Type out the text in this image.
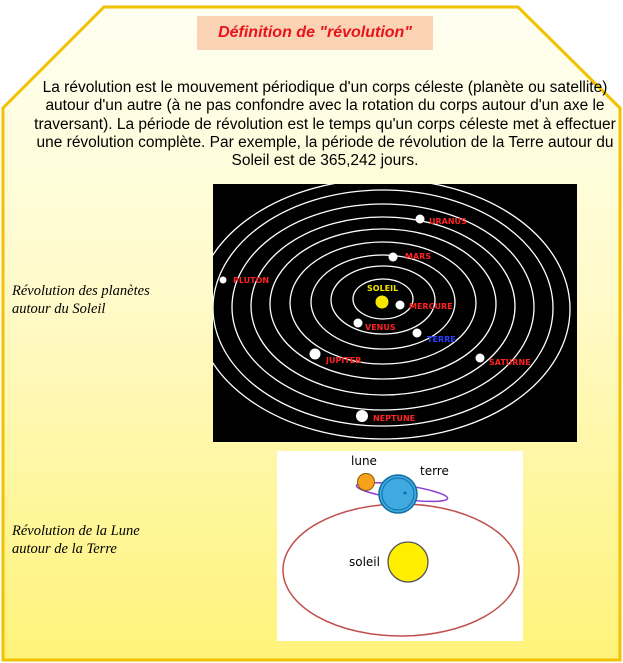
Définition de "révolution"
La révolution est le mouvement périodique d'un corps céleste (planète ou satellite) autour d'un autre (à ne pas confondre avec la rotation du corps autour d'un axe le traversant). La période de révolution est le temps qu'un corps céleste met à effectuer une révolution complète. Par exemple, la période de révolution de la Terre autour du Soleil est de 365,242 jours.
Révolution des planètes
autour du Soleil
Révolution de la Lune
autour de la Terre
SOLEIL
MERCURE
VENUS
TERRE
MARS
JUPITER	SATURNE
URANUS
NEPTUNE
PLUTON
lune
terre
soleil
